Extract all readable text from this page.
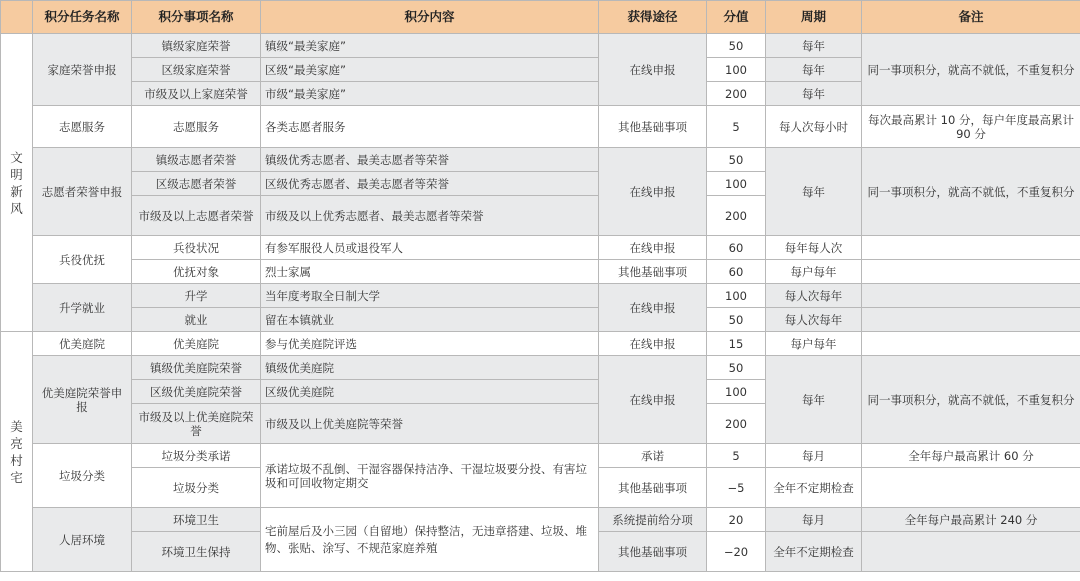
	积分任务名称	积分事项名称	积分内容	获得途径	分值	周期	备注
文
明
新
风	家庭荣誉申报	镇级家庭荣誉	镇级“最美家庭”	在线申报	50	每年	同一事项积分，就高不就低，不重复积分
		区级家庭荣誉	区级“最美家庭”		100	每年	
		市级及以上家庭荣誉	市级“最美家庭”		200	每年	
	志愿服务	志愿服务	各类志愿者服务	其他基础事项	5	每人次每小时	每次最高累计 10 分，每户年度最高累计 90 分
	志愿者荣誉申报	镇级志愿者荣誉	镇级优秀志愿者、最美志愿者等荣誉	在线申报	50	每年	同一事项积分，就高不就低，不重复积分
		区级志愿者荣誉	区级优秀志愿者、最美志愿者等荣誉		100		
		市级及以上志愿者荣誉	市级及以上优秀志愿者、最美志愿者等荣誉		200		
	兵役优抚	兵役状况	有参军服役人员或退役军人	在线申报	60	每年每人次	
		优抚对象	烈士家属	其他基础事项	60	每户每年	
	升学就业	升学	当年度考取全日制大学	在线申报	100	每人次每年	
		就业	留在本镇就业		50	每人次每年	
美
亮
村
宅	优美庭院	优美庭院	参与优美庭院评选	在线申报	15	每户每年	
	优美庭院荣誉申报	镇级优美庭院荣誉	镇级优美庭院	在线申报	50	每年	同一事项积分，就高不就低，不重复积分
		区级优美庭院荣誉	区级优美庭院		100		
		市级及以上优美庭院荣誉	市级及以上优美庭院等荣誉		200		
	垃圾分类	垃圾分类承诺	承诺垃圾不乱倒、干湿容器保持洁净、干湿垃圾要分投、有害垃圾和可回收物定期交	承诺	5	每月	全年每户最高累计 60 分
		垃圾分类		其他基础事项	−5	全年不定期检查	
	人居环境	环境卫生	宅前屋后及小三园（自留地）保持整洁，无违章搭建、垃圾、堆物、张贴、涂写、不规范家庭养殖	系统提前给分项	20	每月	全年每户最高累计 240 分
		环境卫生保持		其他基础事项	−20	全年不定期检查	
